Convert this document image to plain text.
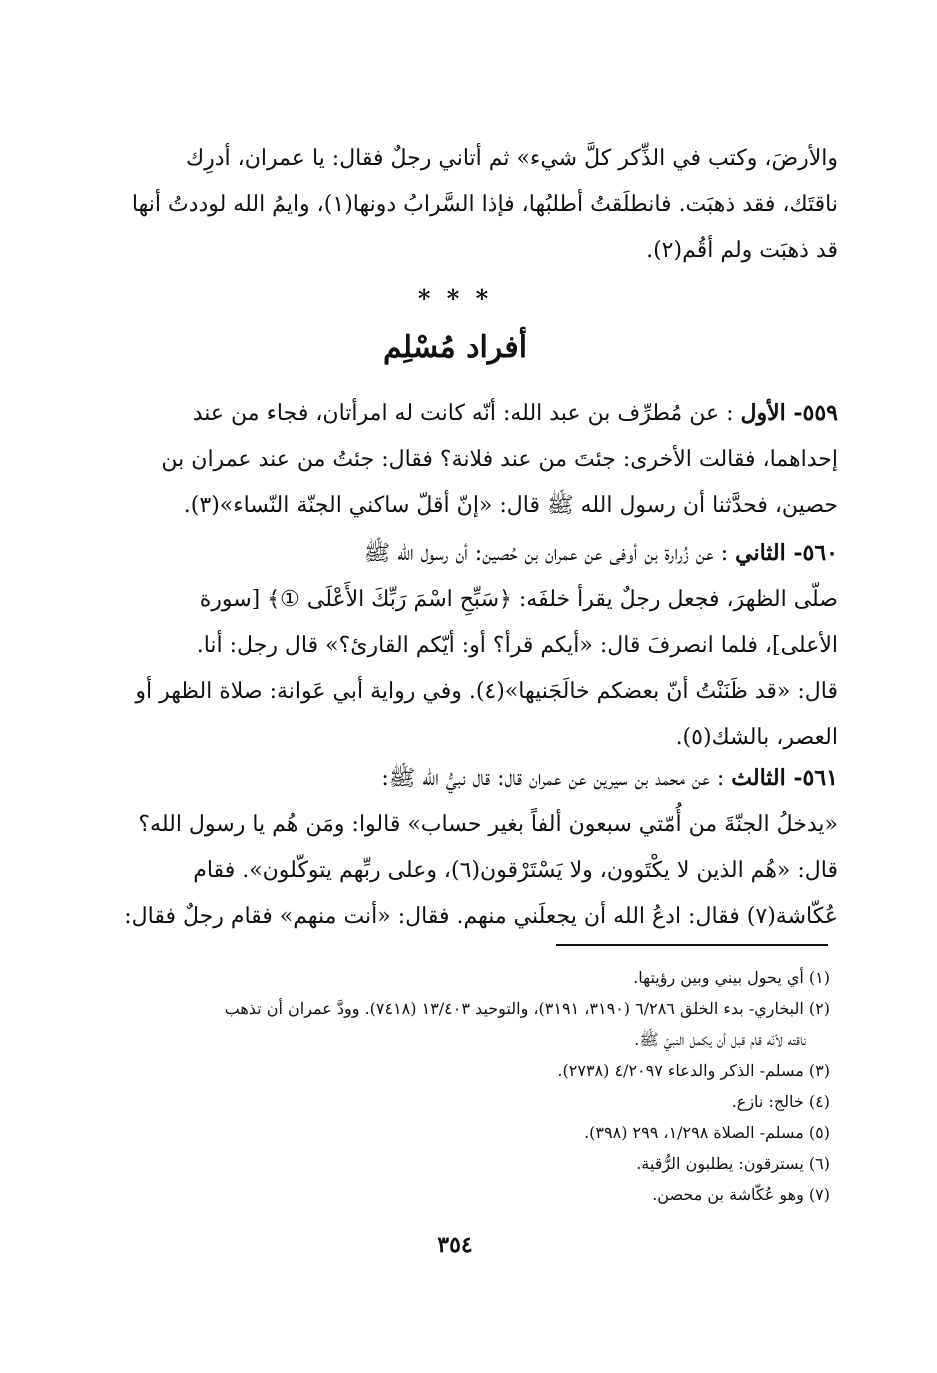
والأرضَ، وكتب في الذِّكر كلَّ شيء» ثم أتاني رجلٌ فقال: يا عمران، أدرِك

ناقتَك، فقد ذهبَت. فانطلَقتُ أطلبُها، فإذا السَّرابُ دونها(١)، وايمُ الله لوددتُ أنها

قد ذهبَت ولم أقُم(٢).

* * *
أفراد مُسْلِم

٥٥٩- الأول : عن مُطرِّف بن عبد الله: أنّه كانت له امرأتان، فجاء من عند

إحداهما، فقالت الأخرى: جئتَ من عند فلانة؟ فقال: جئتُ من عند عمران بن

حصين، فحدَّثنا أن رسول الله ﷺ قال: «إنّ أقلّ ساكني الجنّة النّساء»(٣).

٥٦٠- الثاني : عن زُرارة بن أوفى عن عمران بن حُصين: أن رسول الله ﷺ

صلّى الظهرَ، فجعل رجلٌ يقرأ خلفَه: ﴿سَبِّحِ اسْمَ رَبِّكَ الأَعْلَى ①﴾ [سورة

الأعلى]، فلما انصرفَ قال: «أيكم قرأ؟ أو: أيّكم القارئ؟» قال رجل: أنا.

قال: «قد ظَنَنْتُ أنّ بعضكم خالَجَنيها»(٤). وفي رواية أبي عَوانة: صلاة الظهر أو

العصر، بالشك(٥).

٥٦١- الثالث : عن محمد بن سيرين عن عمران قال: قال نبيُّ الله ﷺ:

«يدخلُ الجنّةَ من أُمّتي سبعون ألفاً بغير حساب» قالوا: ومَن هُم يا رسول الله؟

قال: «هُم الذين لا يكْتَوون، ولا يَسْتَرْقون(٦)، وعلى ربِّهم يتوكّلون». فقام

عُكّاشة(٧) فقال: ادعُ الله أن يجعلَني منهم. فقال: «أنت منهم» فقام رجلٌ فقال:

(١) أي يحول بيني وبين رؤيتها.

(٢) البخاري- بدء الخلق ٦/٢٨٦ (٣١٩٠، ٣١٩١)، والتوحيد ١٣/٤٠٣ (٧٤١٨). وودَّ عمران أن تذهب

ناقته لأنّه قام قبل أن يكمل النبيّ ﷺ.

(٣) مسلم- الذكر والدعاء ٤/٢٠٩٧ (٢٧٣٨).

(٤) خالج: نازع.

(٥) مسلم- الصلاة ١/٢٩٨، ٢٩٩ (٣٩٨).

(٦) يسترقون: يطلبون الرُّقية.

(٧) وهو عُكّاشة بن محصن.

٣٥٤
